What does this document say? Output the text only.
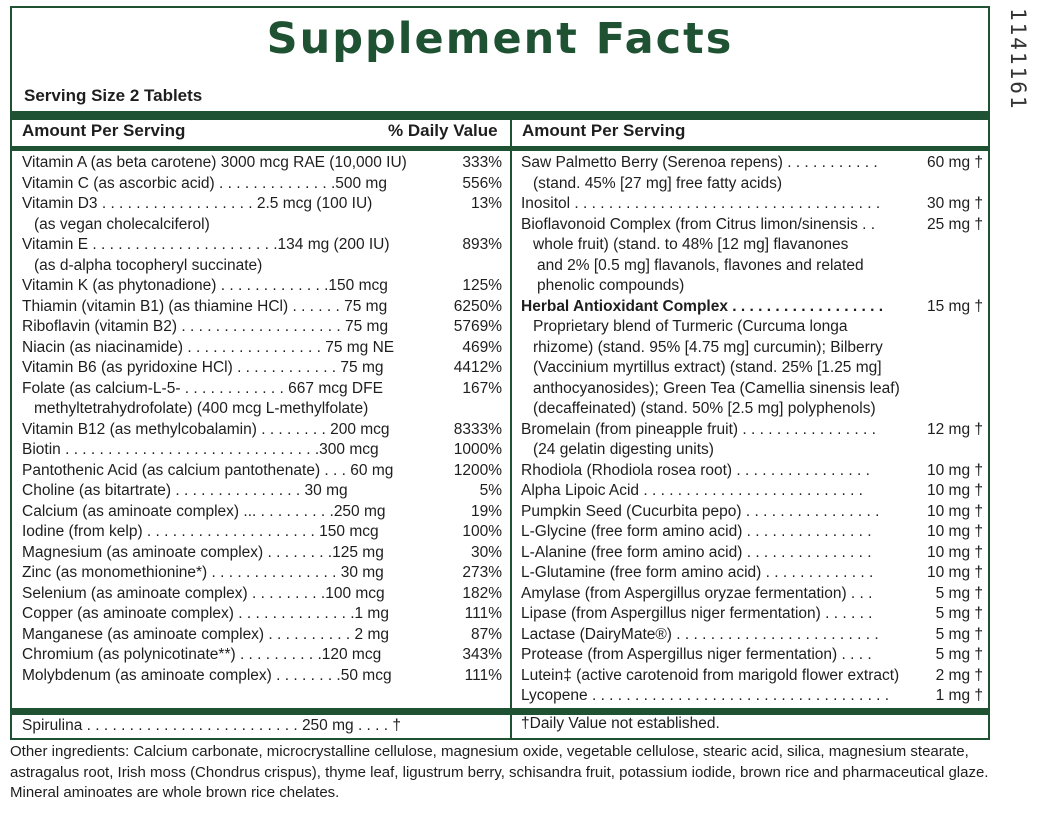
1141161
Supplement Facts
Serving Size 2 Tablets
Amount Per Serving	% Daily Value Amount Per Serving
Vitamin A (as beta carotene) 3000 mcg RAE (10,000 IU)	333%
Vitamin C (as ascorbic acid) . . . . . . . . . . . . . .500 mg	556%
Vitamin D3 . . . . . . . . . . . . . . . . . . 2.5 mcg (100 IU)	13%
(as vegan cholecalciferol)
Vitamin E . . . . . . . . . . . . . . . . . . . . . .134 mg (200 IU)	893%
(as d-alpha tocopheryl succinate)
Vitamin K (as phytonadione) . . . . . . . . . . . . .150 mcg	125%
Thiamin (vitamin B1) (as thiamine HCl) . . . . . . 75 mg	6250%
Riboflavin (vitamin B2) . . . . . . . . . . . . . . . . . . . 75 mg	5769%
Niacin (as niacinamide) . . . . . . . . . . . . . . . . 75 mg NE	469%
Vitamin B6 (as pyridoxine HCl) . . . . . . . . . . . . 75 mg	4412%
Folate (as calcium-L-5- . . . . . . . . . . . . 667 mcg DFE	167%
methyltetrahydrofolate) (400 mcg L-methylfolate)
Vitamin B12 (as methylcobalamin) . . . . . . . . 200 mcg	8333%
Biotin . . . . . . . . . . . . . . . . . . . . . . . . . . . . . .300 mcg	1000%
Pantothenic Acid (as calcium pantothenate) . . . 60 mg	1200%
Choline (as bitartrate) . . . . . . . . . . . . . . . 30 mg	5%
Calcium (as aminoate complex) ... . . . . . . . . .250 mg	19%
Iodine (from kelp) . . . . . . . . . . . . . . . . . . . . 150 mcg	100%
Magnesium (as aminoate complex) . . . . . . . .125 mg	30%
Zinc (as monomethionine*) . . . . . . . . . . . . . . . 30 mg	273%
Selenium (as aminoate complex) . . . . . . . . .100 mcg	182%
Copper (as aminoate complex) . . . . . . . . . . . . . .1 mg	111%
Manganese (as aminoate complex) . . . . . . . . . . 2 mg	87%
Chromium (as polynicotinate**) . . . . . . . . . .120 mcg	343%
Molybdenum (as aminoate complex) . . . . . . . .50 mcg	111%
Spirulina . . . . . . . . . . . . . . . . . . . . . . . . . 250 mg . . . . †
Saw Palmetto Berry (Serenoa repens) . . . . . . . . . . .	60 mg †
(stand. 45% [27 mg] free fatty acids)
Inositol . . . . . . . . . . . . . . . . . . . . . . . . . . . . . . . . . . . .	30 mg †
Bioflavonoid Complex (from Citrus limon/sinensis . .	25 mg †
whole fruit) (stand. to 48% [12 mg] flavanones
and 2% [0.5 mg] flavanols, flavones and related
phenolic compounds)
Herbal Antioxidant Complex . . . . . . . . . . . . . . . . . .	15 mg †
Proprietary blend of Turmeric (Curcuma longa
rhizome) (stand. 95% [4.75 mg] curcumin); Bilberry
(Vaccinium myrtillus extract) (stand. 25% [1.25 mg]
anthocyanosides); Green Tea (Camellia sinensis leaf)
(decaffeinated) (stand. 50% [2.5 mg] polyphenols)
Bromelain (from pineapple fruit) . . . . . . . . . . . . . . . .	12 mg †
(24 gelatin digesting units)
Rhodiola (Rhodiola rosea root) . . . . . . . . . . . . . . . .	10 mg †
Alpha Lipoic Acid . . . . . . . . . . . . . . . . . . . . . . . . . .	10 mg †
Pumpkin Seed (Cucurbita pepo) . . . . . . . . . . . . . . . .	10 mg †
L-Glycine (free form amino acid) . . . . . . . . . . . . . . .	10 mg †
L-Alanine (free form amino acid) . . . . . . . . . . . . . . .	10 mg †
L-Glutamine (free form amino acid) . . . . . . . . . . . . .	10 mg †
Amylase (from Aspergillus oryzae fermentation) . . .	5 mg †
Lipase (from Aspergillus niger fermentation) . . . . . .	5 mg †
Lactase (DairyMate®) . . . . . . . . . . . . . . . . . . . . . . . .	5 mg †
Protease (from Aspergillus niger fermentation) . . . .	5 mg †
Lutein‡ (active carotenoid from marigold flower extract) 2 mg †
Lycopene . . . . . . . . . . . . . . . . . . . . . . . . . . . . . . . . . . .	1 mg †
†Daily Value not established.
Other ingredients: Calcium carbonate, microcrystalline cellulose, magnesium oxide, vegetable cellulose, stearic acid, silica, magnesium stearate, astragalus root, Irish moss (Chondrus crispus), thyme leaf, ligustrum berry, schisandra fruit, potassium iodide, brown rice and pharmaceutical glaze. Mineral aminoates are whole brown rice chelates.
